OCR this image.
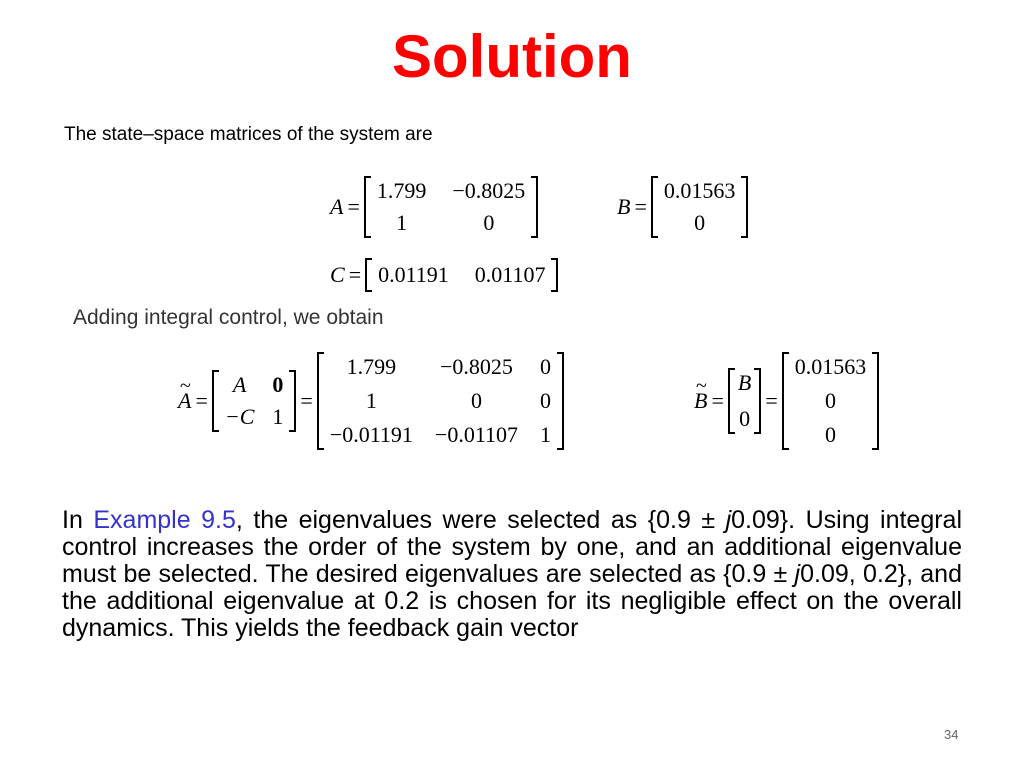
Solution
The state–space matrices of the system are
A =
1.799 −0.8025
1	0
B =
0.01563
0
C = 0.01191 0.01107
Adding integral control, we obtain
~ A =
A 0
−C 1
=
1.799 −0.8025 0
1	0	0
−0.01191 −0.01107 1
~ B =
B
0
=
0.01563
0
0
In Example 9.5, the eigenvalues were selected as {0.9 ± j0.09}. Using integral control increases the order of the system by one, and an additional eigenvalue must be selected. The desired eigenvalues are selected as {0.9 ± j0.09, 0.2}, and the additional eigenvalue at 0.2 is chosen for its negligible effect on the overall dynamics. This yields the feedback gain vector
34
